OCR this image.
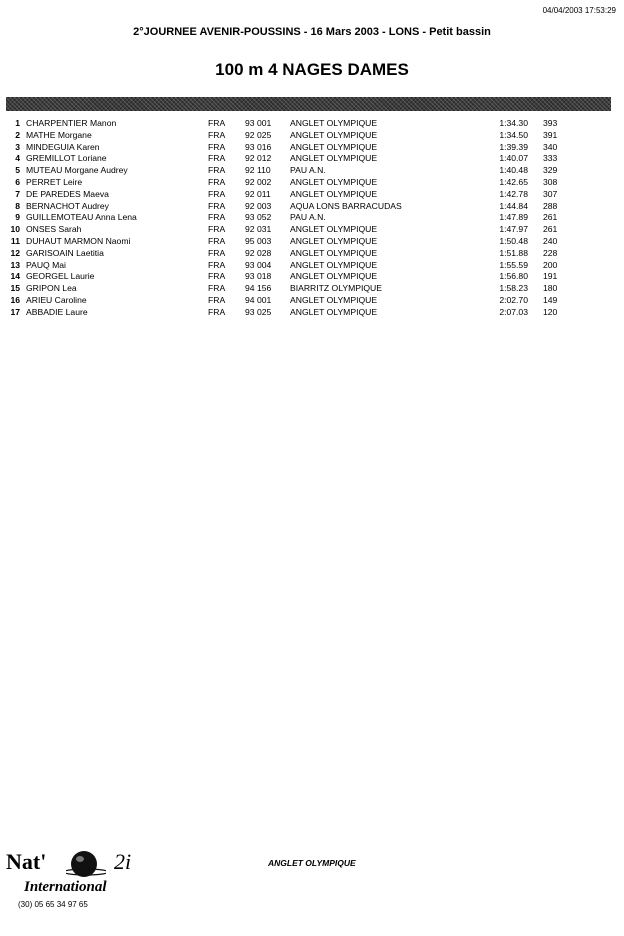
04/04/2003 17:53:29
2°JOURNEE AVENIR-POUSSINS - 16 Mars 2003 - LONS - Petit bassin
100 m 4 NAGES DAMES
1 CHARPENTIER Manon	FRA 93 001 ANGLET OLYMPIQUE	1:34.30 393
2 MATHE Morgane	FRA 92 025 ANGLET OLYMPIQUE	1:34.50 391
3 MINDEGUIA Karen	FRA 93 016 ANGLET OLYMPIQUE	1:39.39 340
4 GREMILLOT Loriane	FRA 92 012 ANGLET OLYMPIQUE	1:40.07 333
5 MUTEAU Morgane Audrey	FRA 92 110 PAU A.N.	1:40.48 329
6 PERRET Leire	FRA 92 002 ANGLET OLYMPIQUE	1:42.65 308
7 DE PAREDES Maeva	FRA 92 011 ANGLET OLYMPIQUE	1:42.78 307
8 BERNACHOT Audrey	FRA 92 003 AQUA LONS BARRACUDAS	1:44.84 288
9 GUILLEMOTEAU Anna Lena	FRA 93 052 PAU A.N.	1:47.89 261
10 ONSES Sarah	FRA 92 031 ANGLET OLYMPIQUE	1:47.97 261
11 DUHAUT MARMON Naomi	FRA 95 003 ANGLET OLYMPIQUE	1:50.48 240
12 GARISOAIN Laetitia	FRA 92 028 ANGLET OLYMPIQUE	1:51.88 228
13 PAUQ Mai	FRA 93 004 ANGLET OLYMPIQUE	1:55.59 200
14 GEORGEL Laurie	FRA 93 018 ANGLET OLYMPIQUE	1:56.80 191
15 GRIPON Lea	FRA 94 156 BIARRITZ OLYMPIQUE	1:58.23 180
16 ARIEU Caroline	FRA 94 001 ANGLET OLYMPIQUE	2:02.70 149
17 ABBADIE Laure	FRA 93 025 ANGLET OLYMPIQUE	2:07.03 120
Nat'	2i
International
(30) 05 65 34 97 65
ANGLET OLYMPIQUE
